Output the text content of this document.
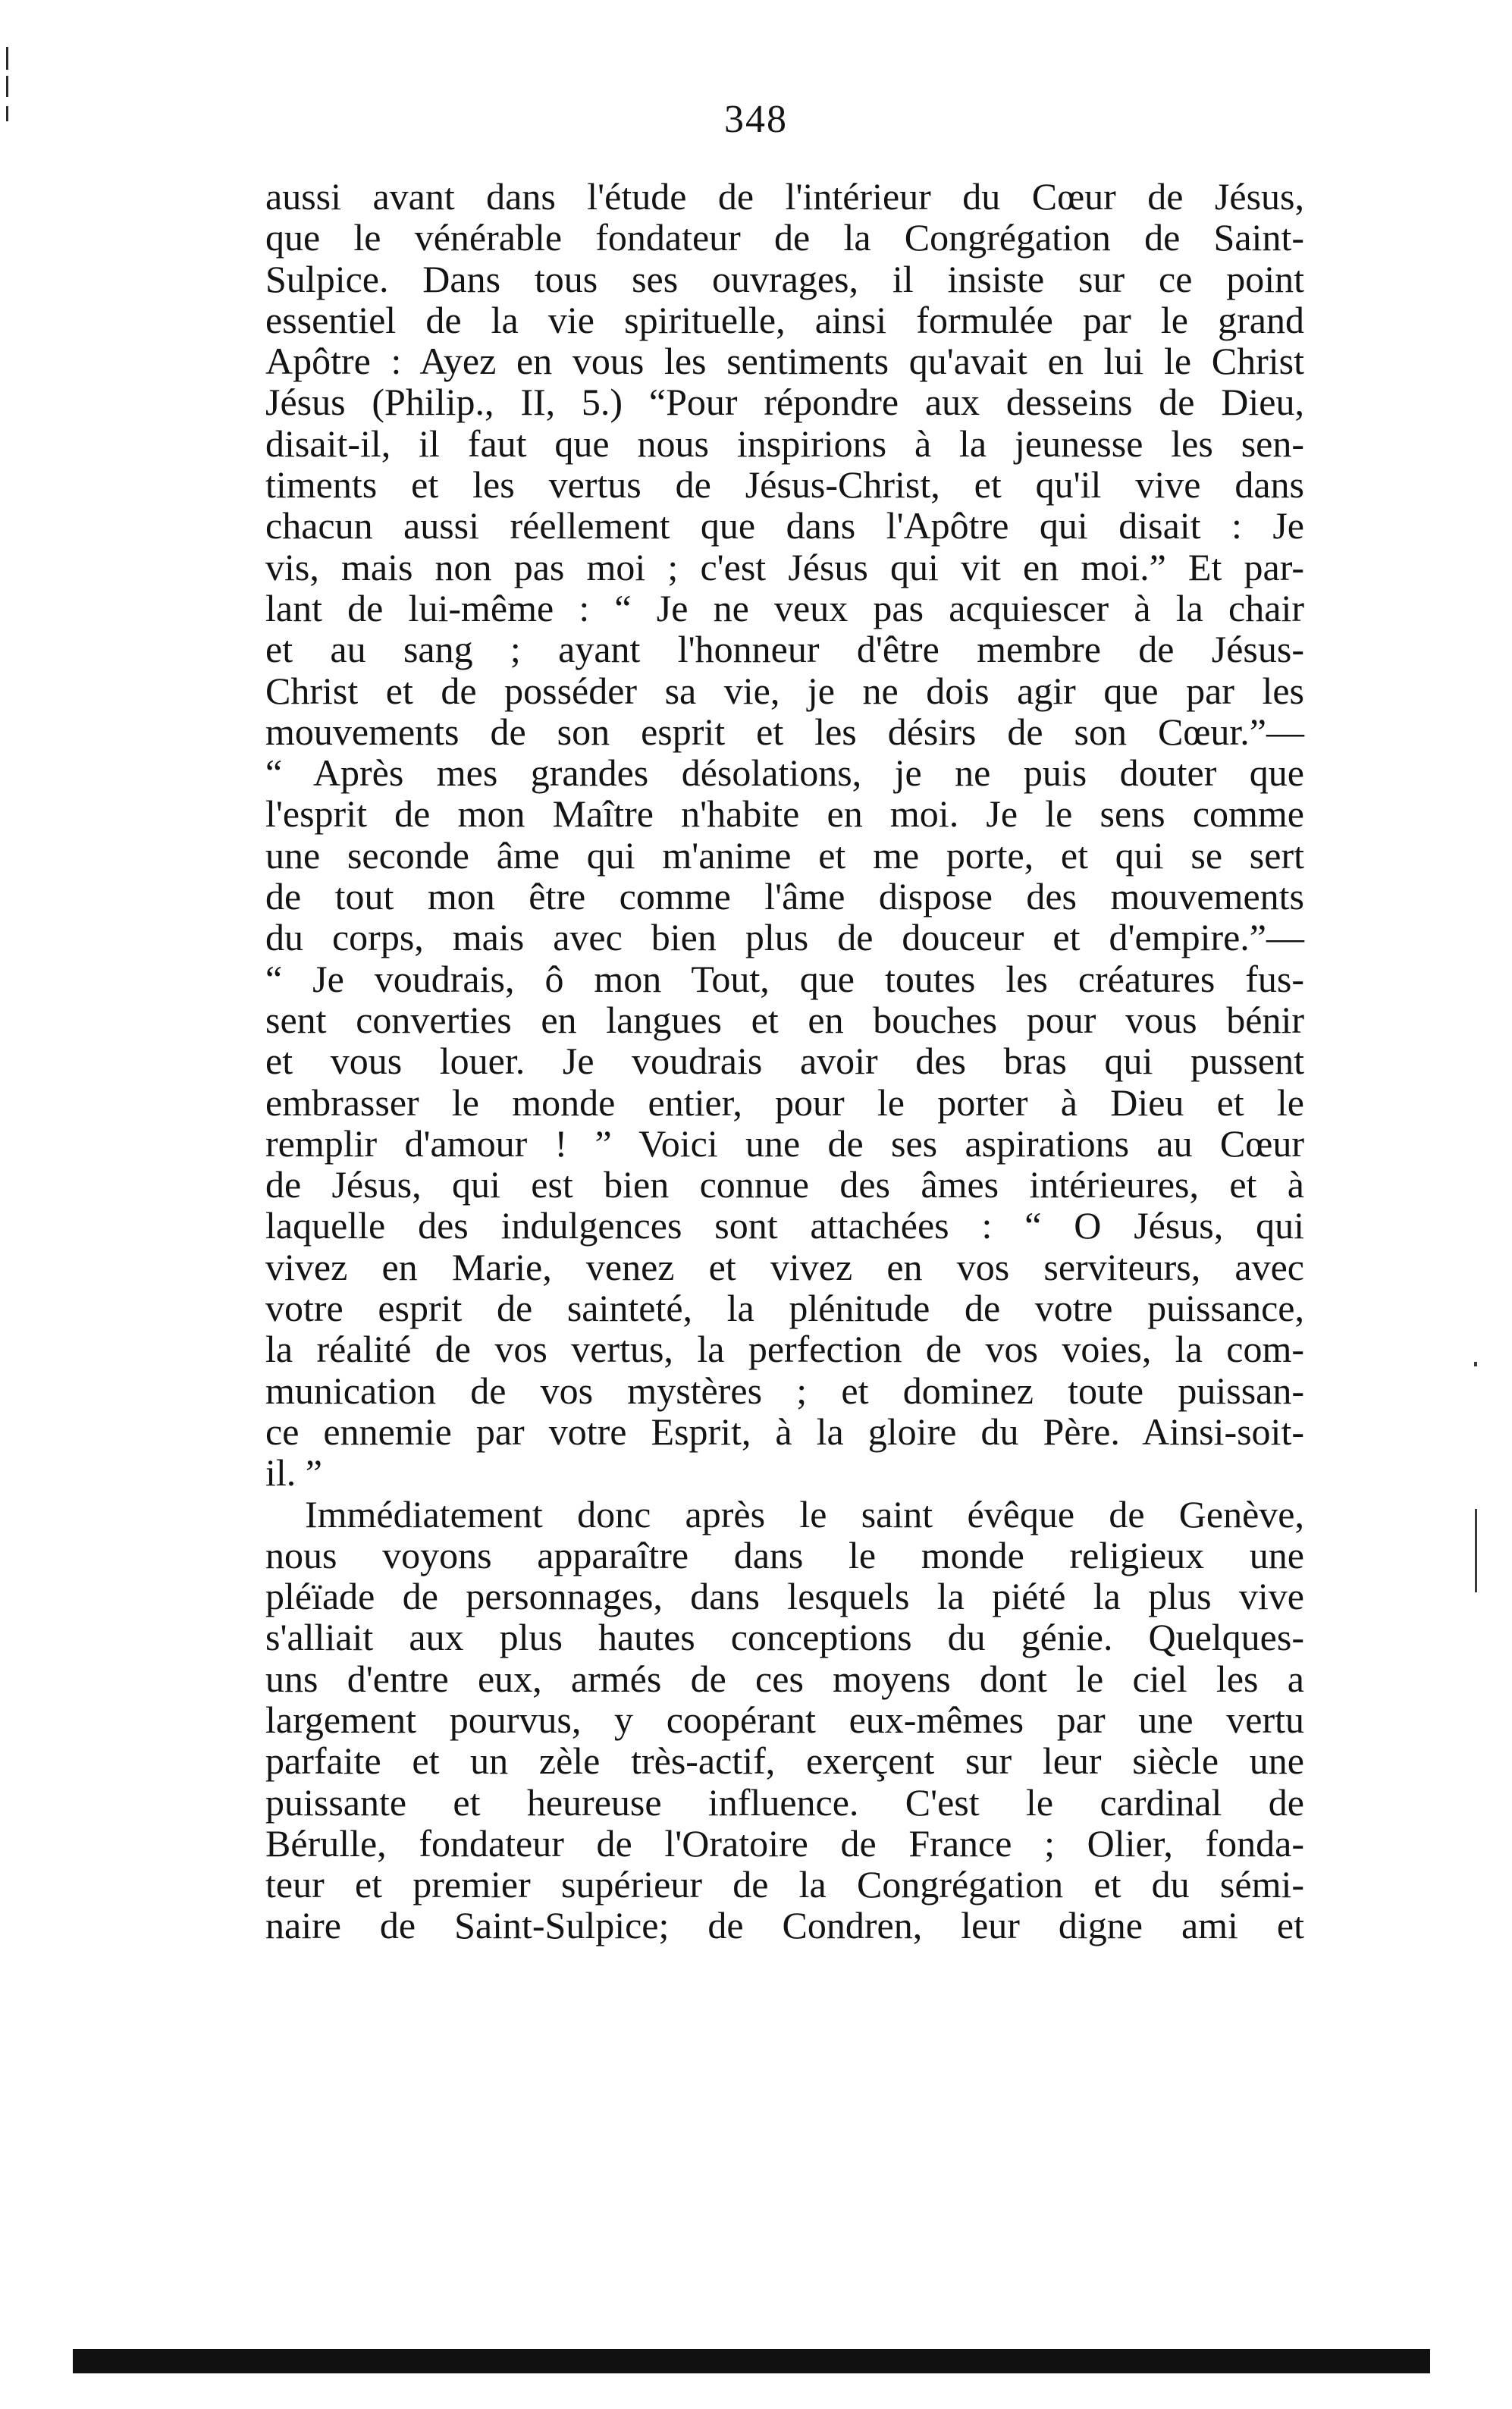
348
aussi avant dans l'étude de l'intérieur du Cœur de Jésus,
que le vénérable fondateur de la Congrégation de Saint-
Sulpice. Dans tous ses ouvrages, il insiste sur ce point
essentiel de la vie spirituelle, ainsi formulée par le grand
Apôtre : Ayez en vous les sentiments qu'avait en lui le Christ
Jésus (Philip., II, 5.) “Pour répondre aux desseins de Dieu,
disait-il, il faut que nous inspirions à la jeunesse les sen-
timents et les vertus de Jésus-Christ, et qu'il vive dans
chacun aussi réellement que dans l'Apôtre qui disait : Je
vis, mais non pas moi ; c'est Jésus qui vit en moi.” Et par-
lant de lui-même : “ Je ne veux pas acquiescer à la chair
et au sang ; ayant l'honneur d'être membre de Jésus-
Christ et de posséder sa vie, je ne dois agir que par les
mouvements de son esprit et les désirs de son Cœur.”—
“ Après mes grandes désolations, je ne puis douter que
l'esprit de mon Maître n'habite en moi. Je le sens comme
une seconde âme qui m'anime et me porte, et qui se sert
de tout mon être comme l'âme dispose des mouvements
du corps, mais avec bien plus de douceur et d'empire.”—
“ Je voudrais, ô mon Tout, que toutes les créatures fus-
sent converties en langues et en bouches pour vous bénir
et vous louer. Je voudrais avoir des bras qui pussent
embrasser le monde entier, pour le porter à Dieu et le
remplir d'amour ! ” Voici une de ses aspirations au Cœur
de Jésus, qui est bien connue des âmes intérieures, et à
laquelle des indulgences sont attachées : “ O Jésus, qui
vivez en Marie, venez et vivez en vos serviteurs, avec
votre esprit de sainteté, la plénitude de votre puissance,
la réalité de vos vertus, la perfection de vos voies, la com-
munication de vos mystères ; et dominez toute puissan-
ce ennemie par votre Esprit, à la gloire du Père. Ainsi-soit-
il. ”
Immédiatement donc après le saint évêque de Genève,
nous voyons apparaître dans le monde religieux une
pléïade de personnages, dans lesquels la piété la plus vive
s'alliait aux plus hautes conceptions du génie. Quelques-
uns d'entre eux, armés de ces moyens dont le ciel les a
largement pourvus, y coopérant eux-mêmes par une vertu
parfaite et un zèle très-actif, exerçent sur leur siècle une
puissante et heureuse influence. C'est le cardinal de
Bérulle, fondateur de l'Oratoire de France ; Olier, fonda-
teur et premier supérieur de la Congrégation et du sémi-
naire de Saint-Sulpice; de Condren, leur digne ami et
